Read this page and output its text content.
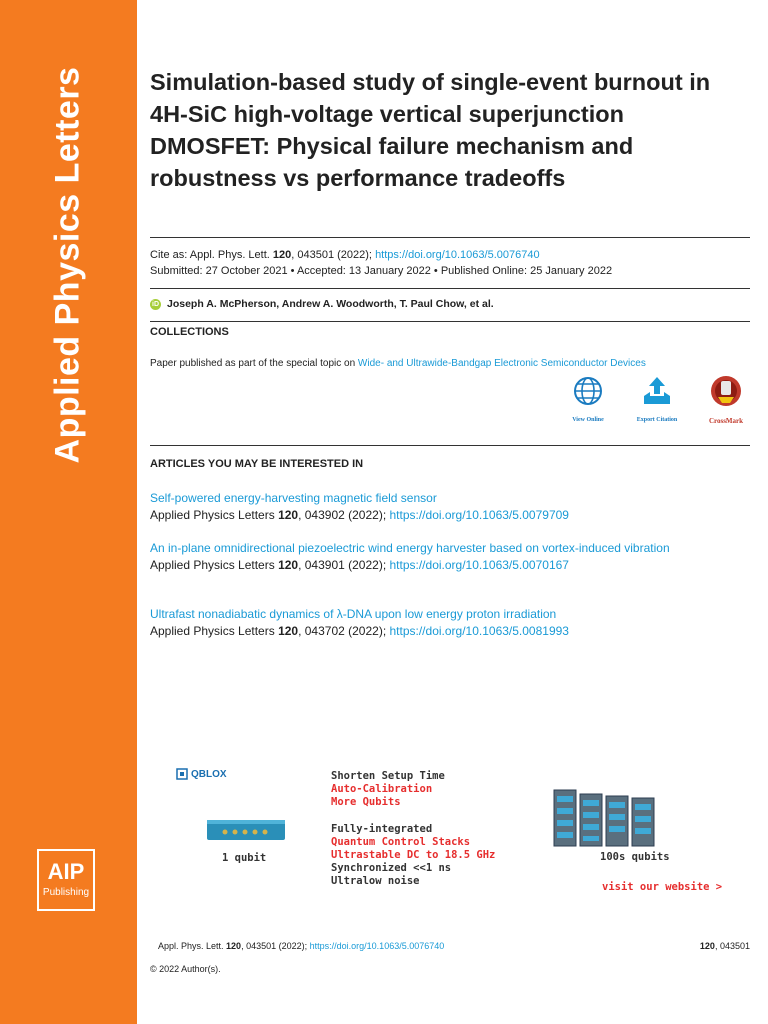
Applied Physics Letters
AIP
Publishing
Simulation-based study of single-event burnout in 4H-SiC high-voltage vertical superjunction DMOSFET: Physical failure mechanism and robustness vs performance tradeoffs
Cite as: Appl. Phys. Lett. 120, 043501 (2022); https://doi.org/10.1063/5.0076740
Submitted: 27 October 2021 • Accepted: 13 January 2022 • Published Online: 25 January 2022
iD Joseph A. McPherson, Andrew A. Woodworth, T. Paul Chow, et al.
COLLECTIONS
Paper published as part of the special topic on Wide- and Ultrawide-Bandgap Electronic Semiconductor Devices
View Online	Export Citation	CrossMark
ARTICLES YOU MAY BE INTERESTED IN
Self-powered energy-harvesting magnetic field sensor
Applied Physics Letters 120, 043902 (2022); https://doi.org/10.1063/5.0079709
An in-plane omnidirectional piezoelectric wind energy harvester based on vortex-induced vibration
Applied Physics Letters 120, 043901 (2022); https://doi.org/10.1063/5.0070167
Ultrafast nonadiabatic dynamics of λ-DNA upon low energy proton irradiation
Applied Physics Letters 120, 043702 (2022); https://doi.org/10.1063/5.0081993
QBLOX
1 qubit
Shorten Setup Time
Auto-Calibration
More Qubits
Fully-integrated
Quantum Control Stacks
Ultrastable DC to 18.5 GHz
Synchronized <<1 ns
Ultralow noise
100s qubits
visit our website >
Appl. Phys. Lett. 120, 043501 (2022); https://doi.org/10.1063/5.0076740	120, 043501
© 2022 Author(s).
